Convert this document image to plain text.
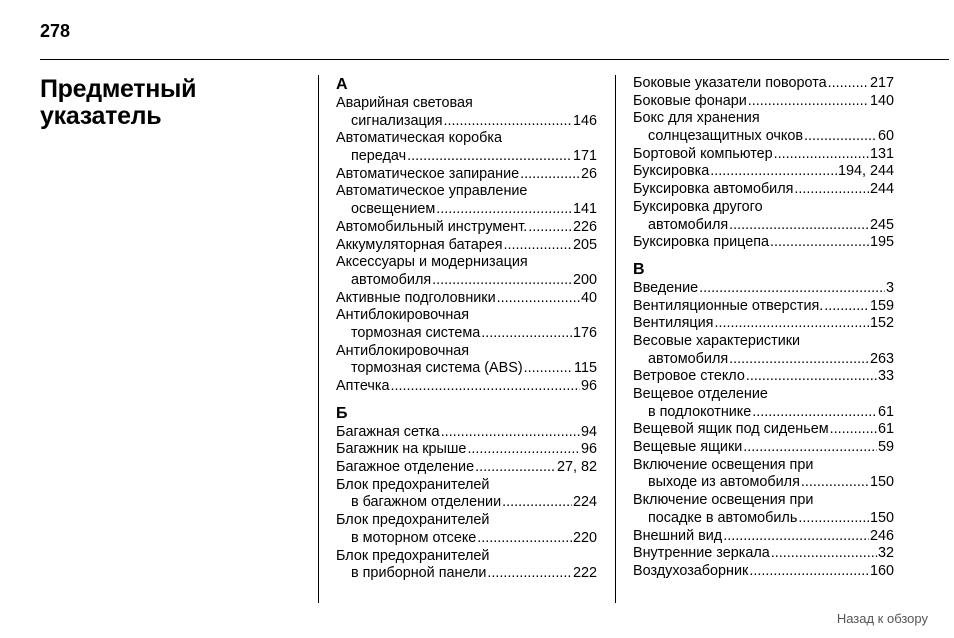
278
Предметный
указатель
А
Аварийная световая
сигнализация .....	146
Автоматическая коробка
передач .....	171
Автоматическое запирание .....	26
Автоматическое управление
освещением .....	141
Автомобильный инструмент. .....	226
Аккумуляторная батарея .....	205
Аксессуары и модернизация
автомобиля .....	200
Активные подголовники .....	40
Антиблокировочная
тормозная система .....	176
Антиблокировочная
тормозная система (ABS) .....	115
Аптечка .....	96
Б
Багажная сетка .....	94
Багажник на крыше .....	96
Багажное отделение .....	27, 82
Блок предохранителей
в багажном отделении .....	224
Блок предохранителей
в моторном отсеке .....	220
Блок предохранителей
в приборной панели .....	222
Боковые указатели поворота .....	217
Боковые фонари .....	140
Бокс для хранения
солнцезащитных очков .....	60
Бортовой компьютер .....	131
Буксировка .....	194, 244
Буксировка автомобиля .....	244
Буксировка другого
автомобиля .....	245
Буксировка прицепа .....	195
В
Введение .....	3
Вентиляционные отверстия. .....	159
Вентиляция .....	152
Весовые характеристики
автомобиля .....	263
Ветровое стекло .....	33
Вещевое отделение
в подлокотнике .....	61
Вещевой ящик под сиденьем .....	61
Вещевые ящики .....	59
Включение освещения при
выходе из автомобиля .....	150
Включение освещения при
посадке в автомобиль .....	150
Внешний вид .....	246
Внутренние зеркала .....	32
Воздухозаборник .....	160
Назад к обзору
